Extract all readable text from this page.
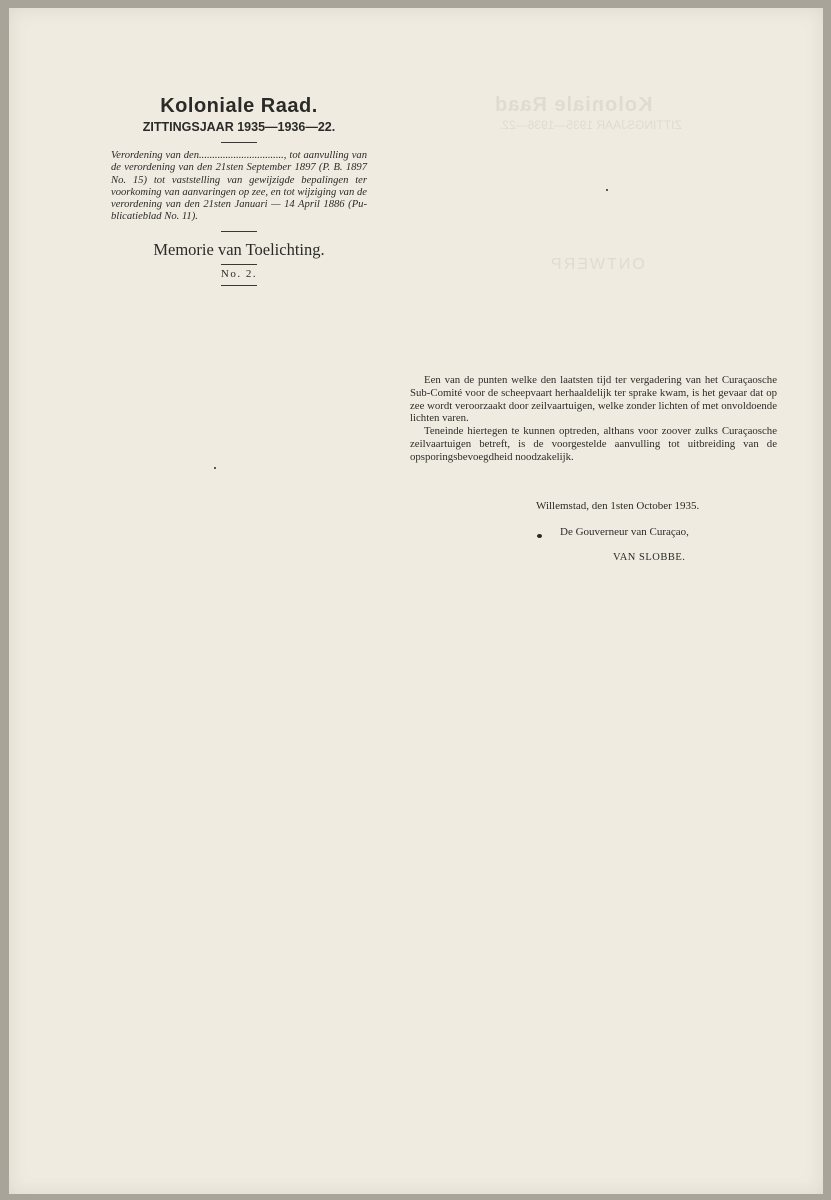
Koloniale Raad
ZITTINGSJAAR 1935—1936—22.
ONTWERP
Koloniale Raad.
ZITTINGSJAAR 1935—1936—22.

Verordening van den................................, tot aanvulling van de verordening van den 21sten September 1897 (P. B. 1897 No. 15) tot vaststelling van gewijzigde bepalingen ter voorkoming van aanvaringen op zee, en tot wijziging van de verordening van den 21sten Januari — 14 April 1886 (Pu- blicatieblad No. 11).

Memorie van Toelichting.
No. 2.

Een van de punten welke den laatsten tijd ter vergadering van het Curaçaosche Sub-Comité voor de scheepvaart herhaaldelijk ter sprake kwam, is het gevaar dat op zee wordt veroorzaakt door zeilvaartuigen, welke zonder lichten of met onvoldoende lichten varen.

Teneinde hiertegen te kunnen optreden, althans voor zoover zulks Curaçaosche zeilvaartuigen betreft, is de voorgestelde aanvulling tot uitbreiding van de opsporingsbevoegdheid noodzakelijk.

Willemstad, den 1sten October 1935.
De Gouverneur van Curaçao,
VAN SLOBBE.
